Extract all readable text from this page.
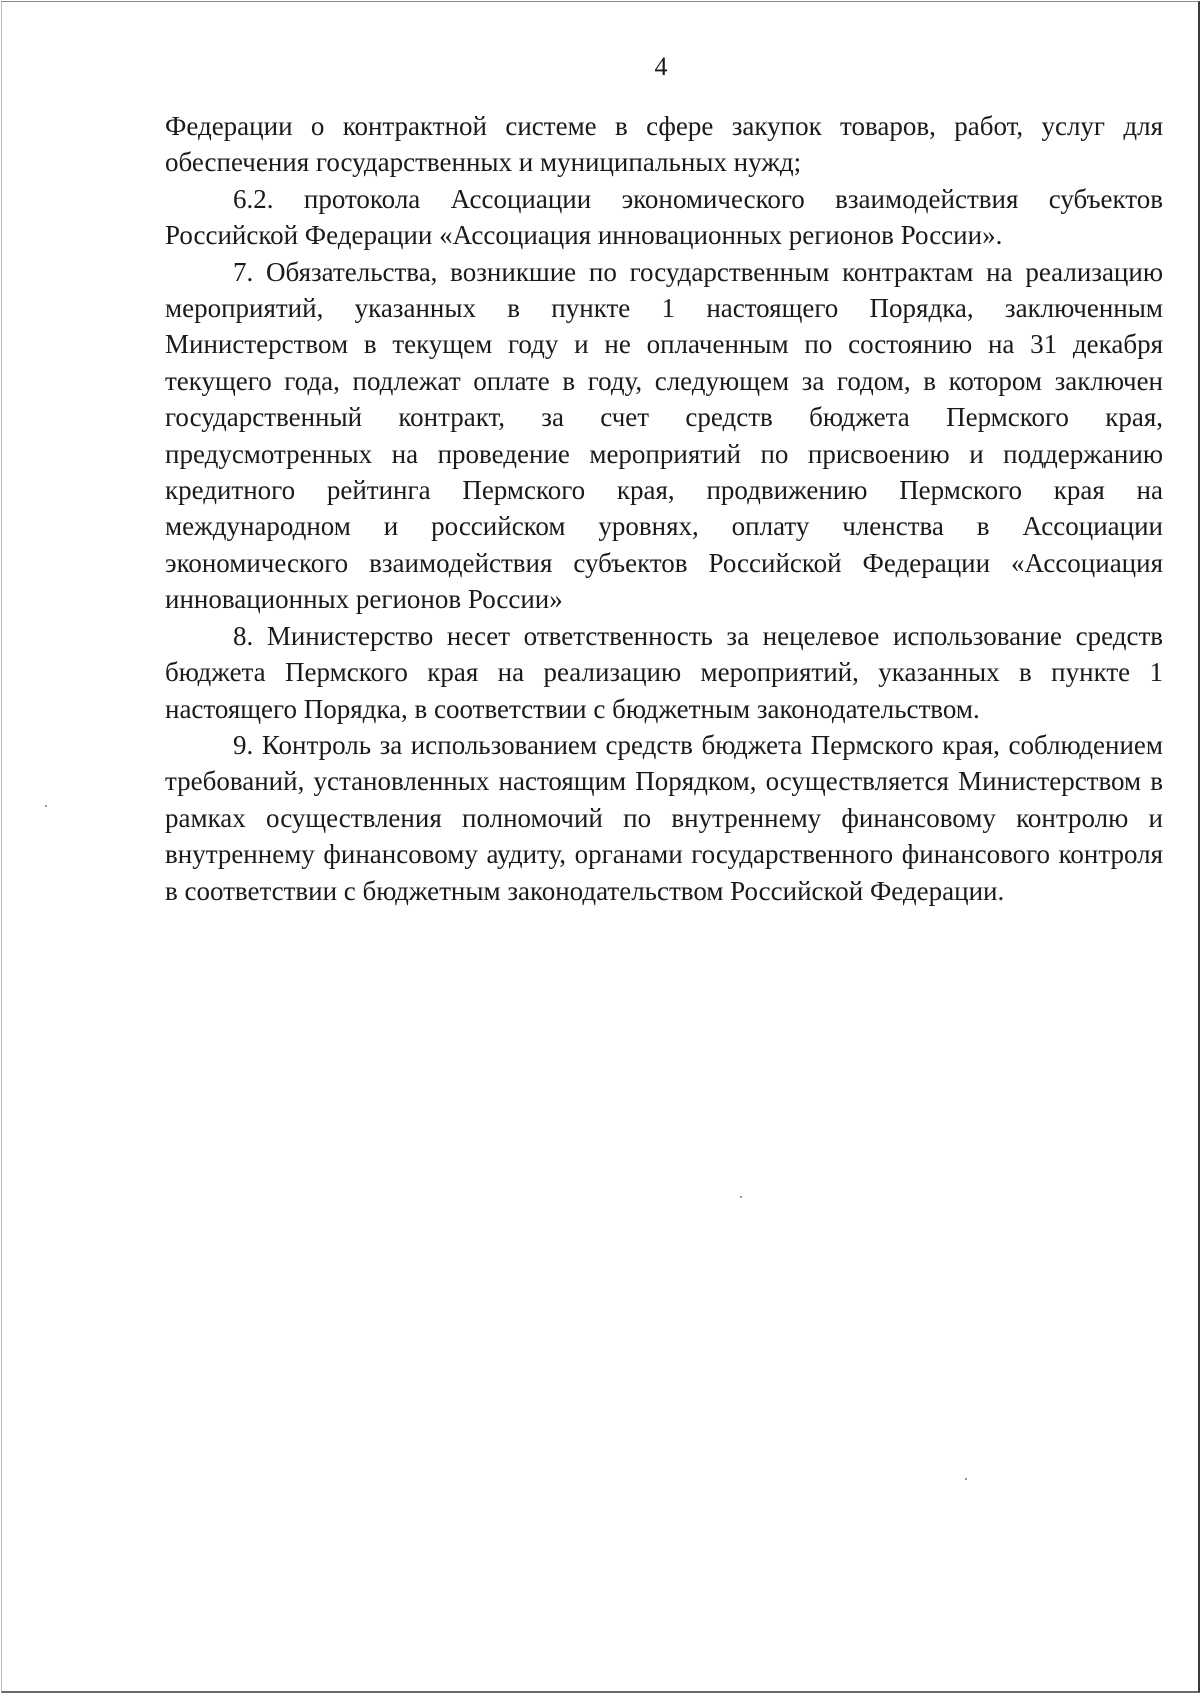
4

Федерации о контрактной системе в сфере закупок товаров, работ, услуг для обеспечения государственных и муниципальных нужд;

6.2. протокола Ассоциации экономического взаимодействия субъектов Российской Федерации «Ассоциация инновационных регионов России».

7. Обязательства, возникшие по государственным контрактам на реализацию мероприятий, указанных в пункте 1 настоящего Порядка, заключенным Министерством в текущем году и не оплаченным по состоянию на 31 декабря текущего года, подлежат оплате в году, следующем за годом, в котором заключен государственный контракт, за счет средств бюджета Пермского края, предусмотренных на проведение мероприятий по присвоению и поддержанию кредитного рейтинга Пермского края, продвижению Пермского края на международном и российском уровнях, оплату членства в Ассоциации экономического взаимодействия субъектов Российской Федерации «Ассоциация инновационных регионов России»

8. Министерство несет ответственность за нецелевое использование средств бюджета Пермского края на реализацию мероприятий, указанных в пункте 1 настоящего Порядка, в соответствии с бюджетным законодательством.

9. Контроль за использованием средств бюджета Пермского края, соблюдением требований, установленных настоящим Порядком, осуществляется Министерством в рамках осуществления полномочий по внутреннему финансовому контролю и внутреннему финансовому аудиту, органами государственного финансового контроля в соответствии с бюджетным законодательством Российской Федерации.
